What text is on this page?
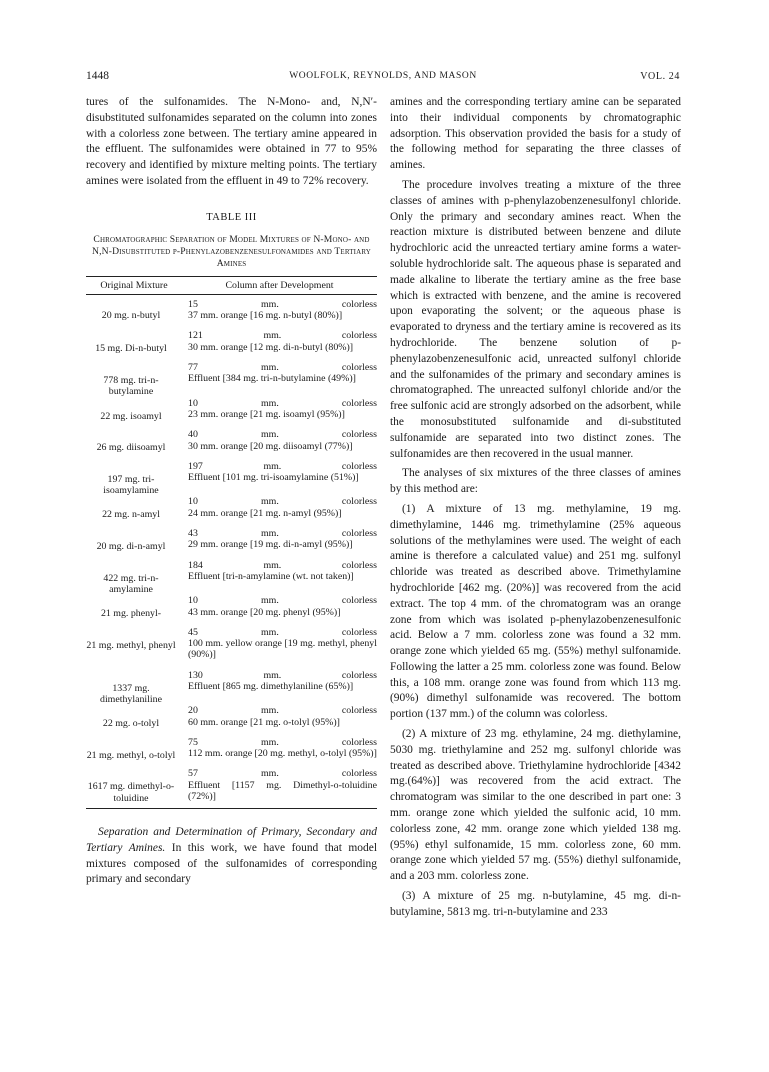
1448	WOOLFOLK, REYNOLDS, AND MASON	VOL. 24

tures of the sulfonamides. The N-Mono- and, N,N′-disubstituted sulfonamides separated on the column into zones with a colorless zone between. The tertiary amine appeared in the effluent. The sulfonamides were obtained in 77 to 95% recovery and identified by mixture melting points. The tertiary amines were isolated from the effluent in 49 to 72% recovery.

TABLE III
Chromatographic Separation of Model Mixtures of N-Mono- and N,N-Disubstituted p-Phenylazobenzenesulfonamides and Tertiary Amines
Original Mixture	Column after Development
20 mg. n-butyl	15 mm. colorless
37 mm. orange [16 mg. n-butyl (80%)]

15 mg. Di-n-butyl	121 mm. colorless
30 mm. orange [12 mg. di-n-butyl (80%)]

778 mg. tri-n-butylamine	77 mm. colorless
Effluent [384 mg. tri-n-butylamine (49%)]

22 mg. isoamyl	10 mm. colorless
23 mm. orange [21 mg. isoamyl (95%)]

26 mg. diisoamyl	40 mm. colorless
30 mm. orange [20 mg. diisoamyl (77%)]

197 mg. tri-isoamylamine	197 mm. colorless
Effluent [101 mg. tri-isoamylamine (51%)]

22 mg. n-amyl	10 mm. colorless
24 mm. orange [21 mg. n-amyl (95%)]

20 mg. di-n-amyl	43 mm. colorless
29 mm. orange [19 mg. di-n-amyl (95%)]

422 mg. tri-n-amylamine	184 mm. colorless
Effluent [tri-n-amylamine (wt. not taken)]

21 mg. phenyl-	10 mm. colorless
43 mm. orange [20 mg. phenyl (95%)]

21 mg. methyl, phenyl	45 mm. colorless
100 mm. yellow orange [19 mg. methyl, phenyl (90%)]

1337 mg. dimethylaniline	130 mm. colorless
Effluent [865 mg. dimethylaniline (65%)]

22 mg. o-tolyl	20 mm. colorless
60 mm. orange [21 mg. o-tolyl (95%)]

21 mg. methyl, o-tolyl	75 mm. colorless
112 mm. orange [20 mg. methyl, o-tolyl (95%)]

1617 mg. dimethyl-o-toluidine	57 mm. colorless
Effluent [1157 mg. Dimethyl-o-toluidine (72%)]

Separation and Determination of Primary, Secondary and Tertiary Amines. In this work, we have found that model mixtures composed of the sulfonamides of corresponding primary and secondary

amines and the corresponding tertiary amine can be separated into their individual components by chromatographic adsorption. This observation provided the basis for a study of the following method for separating the three classes of amines.

The procedure involves treating a mixture of the three classes of amines with p-phenylazobenzenesulfonyl chloride. Only the primary and secondary amines react. When the reaction mixture is distributed between benzene and dilute hydrochloric acid the unreacted tertiary amine forms a water-soluble hydrochloride salt. The aqueous phase is separated and made alkaline to liberate the tertiary amine as the free base which is extracted with benzene, and the amine is recovered upon evaporating the solvent; or the aqueous phase is evaporated to dryness and the tertiary amine is recovered as its hydrochloride. The benzene solution of p-phenylazobenzenesulfonic acid, unreacted sulfonyl chloride and the sulfonamides of the primary and secondary amines is chromatographed. The unreacted sulfonyl chloride and/or the free sulfonic acid are strongly adsorbed on the adsorbent, while the monosubstituted sulfonamide and di-substituted sulfonamide are separated into two distinct zones. The sulfonamides are then recovered in the usual manner.

The analyses of six mixtures of the three classes of amines by this method are:

(1) A mixture of 13 mg. methylamine, 19 mg. dimethylamine, 1446 mg. trimethylamine (25% aqueous solutions of the methylamines were used. The weight of each amine is therefore a calculated value) and 251 mg. sulfonyl chloride was treated as described above. Trimethylamine hydrochloride [462 mg. (20%)] was recovered from the acid extract. The top 4 mm. of the chromatogram was an orange zone from which was isolated p-phenylazobenzenesulfonic acid. Below a 7 mm. colorless zone was found a 32 mm. orange zone which yielded 65 mg. (55%) methyl sulfonamide. Following the latter a 25 mm. colorless zone was found. Below this, a 108 mm. orange zone was found from which 113 mg. (90%) dimethyl sulfonamide was recovered. The bottom portion (137 mm.) of the column was colorless.

(2) A mixture of 23 mg. ethylamine, 24 mg. diethylamine, 5030 mg. triethylamine and 252 mg. sulfonyl chloride was treated as described above. Triethylamine hydrochloride [4342 mg.(64%)] was recovered from the acid extract. The chromatogram was similar to the one described in part one: 3 mm. orange zone which yielded the sulfonic acid, 10 mm. colorless zone, 42 mm. orange zone which yielded 138 mg. (95%) ethyl sulfonamide, 15 mm. colorless zone, 60 mm. orange zone which yielded 57 mg. (55%) diethyl sulfonamide, and a 203 mm. colorless zone.

(3) A mixture of 25 mg. n-butylamine, 45 mg. di-n-butylamine, 5813 mg. tri-n-butylamine and 233
